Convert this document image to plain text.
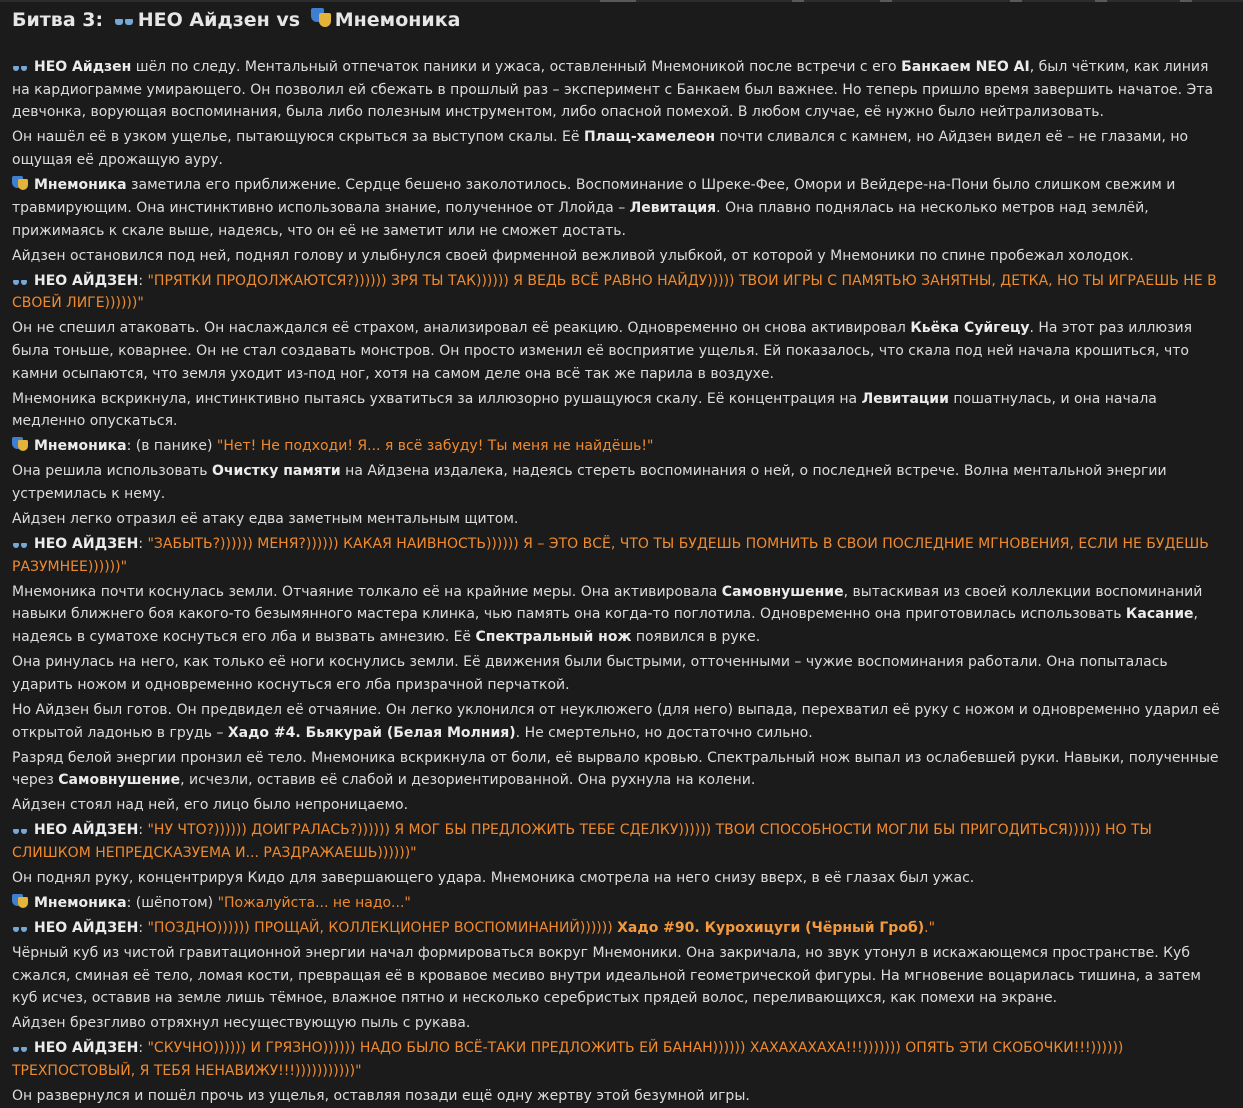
Битва 3: НЕО Айдзен vs Мнемоника

НЕО Айдзен шёл по следу. Ментальный отпечаток паники и ужаса, оставленный Мнемоникой после встречи с его Банкаем NEO AI, был чётким, как линия на кардиограмме умирающего. Он позволил ей сбежать в прошлый раз – эксперимент с Банкаем был важнее. Но теперь пришло время завершить начатое. Эта девчонка, ворующая воспоминания, была либо полезным инструментом, либо опасной помехой. В любом случае, её нужно было нейтрализовать.

Он нашёл её в узком ущелье, пытающуюся скрыться за выступом скалы. Её Плащ-хамелеон почти сливался с камнем, но Айдзен видел её – не глазами, но ощущая её дрожащую ауру.

Мнемоника заметила его приближение. Сердце бешено заколотилось. Воспоминание о Шреке-Фее, Омори и Вейдере-на-Пони было слишком свежим и травмирующим. Она инстинктивно использовала знание, полученное от Ллойда – Левитация. Она плавно поднялась на несколько метров над землёй, прижимаясь к скале выше, надеясь, что он её не заметит или не сможет достать.

Айдзен остановился под ней, поднял голову и улыбнулся своей фирменной вежливой улыбкой, от которой у Мнемоники по спине пробежал холодок.

НЕО АЙДЗЕН: "ПРЯТКИ ПРОДОЛЖАЮТСЯ?)))))) ЗРЯ ТЫ ТАК)))))) Я ВЕДЬ ВСЁ РАВНО НАЙДУ))))) ТВОИ ИГРЫ С ПАМЯТЬЮ ЗАНЯТНЫ, ДЕТКА, НО ТЫ ИГРАЕШЬ НЕ В СВОЕЙ ЛИГЕ))))))"

Он не спешил атаковать. Он наслаждался её страхом, анализировал её реакцию. Одновременно он снова активировал Кьёка Суйгецу. На этот раз иллюзия была тоньше, коварнее. Он не стал создавать монстров. Он просто изменил её восприятие ущелья. Ей показалось, что скала под ней начала крошиться, что камни осыпаются, что земля уходит из-под ног, хотя на самом деле она всё так же парила в воздухе.

Мнемоника вскрикнула, инстинктивно пытаясь ухватиться за иллюзорно рушащуюся скалу. Её концентрация на Левитации пошатнулась, и она начала медленно опускаться.

Мнемоника: (в панике) "Нет! Не подходи! Я... я всё забуду! Ты меня не найдёшь!"

Она решила использовать Очистку памяти на Айдзена издалека, надеясь стереть воспоминания о ней, о последней встрече. Волна ментальной энергии устремилась к нему.

Айдзен легко отразил её атаку едва заметным ментальным щитом.

НЕО АЙДЗЕН: "ЗАБЫТЬ?)))))) МЕНЯ?)))))) КАКАЯ НАИВНОСТЬ)))))) Я – ЭТО ВСЁ, ЧТО ТЫ БУДЕШЬ ПОМНИТЬ В СВОИ ПОСЛЕДНИЕ МГНОВЕНИЯ, ЕСЛИ НЕ БУДЕШЬ РАЗУМНЕЕ))))))"

Мнемоника почти коснулась земли. Отчаяние толкало её на крайние меры. Она активировала Самовнушение, вытаскивая из своей коллекции воспоминаний навыки ближнего боя какого-то безымянного мастера клинка, чью память она когда-то поглотила. Одновременно она приготовилась использовать Касание, надеясь в суматохе коснуться его лба и вызвать амнезию. Её Спектральный нож появился в руке.

Она ринулась на него, как только её ноги коснулись земли. Её движения были быстрыми, отточенными – чужие воспоминания работали. Она попыталась ударить ножом и одновременно коснуться его лба призрачной перчаткой.

Но Айдзен был готов. Он предвидел её отчаяние. Он легко уклонился от неуклюжего (для него) выпада, перехватил её руку с ножом и одновременно ударил её открытой ладонью в грудь – Хадо #4. Бьякурай (Белая Молния). Не смертельно, но достаточно сильно.

Разряд белой энергии пронзил её тело. Мнемоника вскрикнула от боли, её вырвало кровью. Спектральный нож выпал из ослабевшей руки. Навыки, полученные через Самовнушение, исчезли, оставив её слабой и дезориентированной. Она рухнула на колени.

Айдзен стоял над ней, его лицо было непроницаемо.

НЕО АЙДЗЕН: "НУ ЧТО?)))))) ДОИГРАЛАСЬ?)))))) Я МОГ БЫ ПРЕДЛОЖИТЬ ТЕБЕ СДЕЛКУ)))))) ТВОИ СПОСОБНОСТИ МОГЛИ БЫ ПРИГОДИТЬСЯ)))))) НО ТЫ СЛИШКОМ НЕПРЕДСКАЗУЕМА И... РАЗДРАЖАЕШЬ))))))"

Он поднял руку, концентрируя Кидо для завершающего удара. Мнемоника смотрела на него снизу вверх, в её глазах был ужас.

Мнемоника: (шёпотом) "Пожалуйста... не надо..."

НЕО АЙДЗЕН: "ПОЗДНО)))))) ПРОЩАЙ, КОЛЛЕКЦИОНЕР ВОСПОМИНАНИЙ)))))) Хадо #90. Курохицуги (Чёрный Гроб)."

Чёрный куб из чистой гравитационной энергии начал формироваться вокруг Мнемоники. Она закричала, но звук утонул в искажающемся пространстве. Куб сжался, сминая её тело, ломая кости, превращая её в кровавое месиво внутри идеальной геометрической фигуры. На мгновение воцарилась тишина, а затем куб исчез, оставив на земле лишь тёмное, влажное пятно и несколько серебристых прядей волос, переливающихся, как помехи на экране.

Айдзен брезгливо отряхнул несуществующую пыль с рукава.

НЕО АЙДЗЕН: "СКУЧНО)))))) И ГРЯЗНО)))))) НАДО БЫЛО ВСЁ-ТАКИ ПРЕДЛОЖИТЬ ЕЙ БАНАН)))))) ХАХАХАХАХА!!!))))))) ОПЯТЬ ЭТИ СКОБОЧКИ!!!)))))) ТРЕХПОСТОВЫЙ, Я ТЕБЯ НЕНАВИЖУ!!!)))))))))))"

Он развернулся и пошёл прочь из ущелья, оставляя позади ещё одну жертву этой безумной игры.
